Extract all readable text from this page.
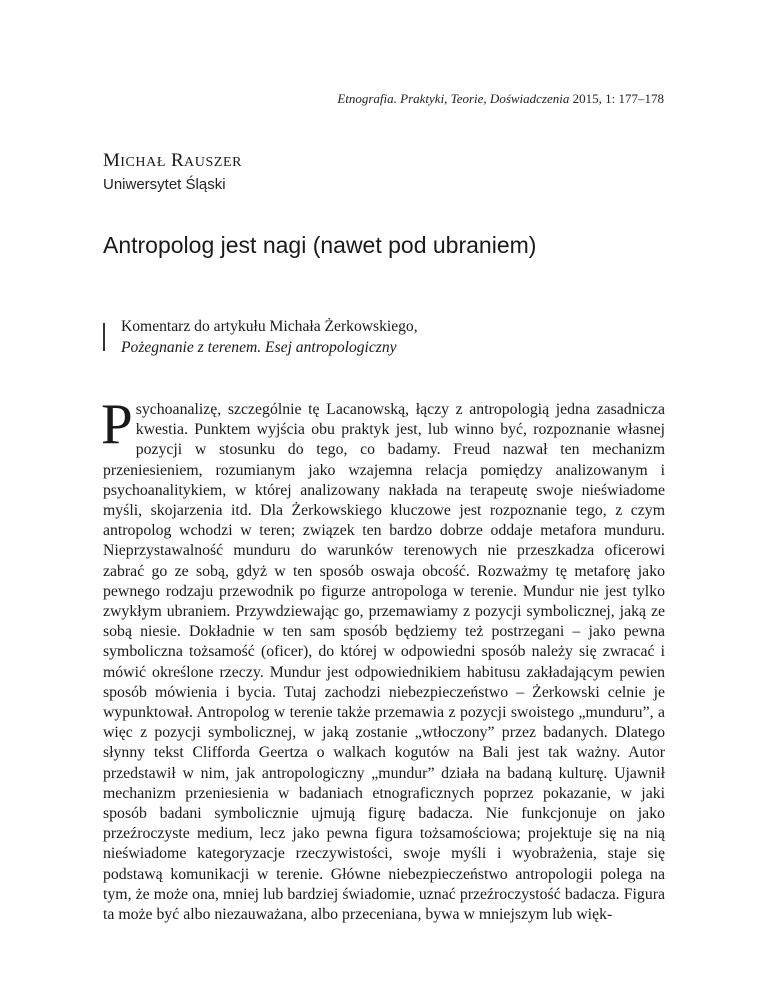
Etnografia. Praktyki, Teorie, Doświadczenia 2015, 1: 177–178
MICHAŁ RAUSZER
Uniwersytet Śląski
Antropolog jest nagi (nawet pod ubraniem)
Komentarz do artykułu Michała Żerkowskiego,
Pożegnanie z terenem. Esej antropologiczny

Psychoanalizę, szczególnie tę Lacanowską, łączy z antropologią jedna zasadnicza kwestia. Punktem wyjścia obu praktyk jest, lub winno być, rozpoznanie własnej pozycji w stosunku do tego, co badamy. Freud nazwał ten mechanizm przeniesieniem, rozumianym jako wzajemna relacja pomiędzy analizowanym i psychoanalitykiem, w której analizowany nakłada na terapeutę swoje nieświadome myśli, skojarzenia itd. Dla Żerkowskiego kluczowe jest rozpoznanie tego, z czym antropolog wchodzi w teren; związek ten bardzo dobrze oddaje metafora munduru. Nieprzystawalność munduru do warunków terenowych nie przeszkadza oficerowi zabrać go ze sobą, gdyż w ten sposób oswaja obcość. Rozważmy tę metaforę jako pewnego rodzaju przewodnik po figurze antropologa w terenie. Mundur nie jest tylko zwykłym ubraniem. Przywdziewając go, przemawiamy z pozycji symbolicznej, jaką ze sobą niesie. Dokładnie w ten sam sposób będziemy też postrzegani – jako pewna symboliczna tożsamość (oficer), do której w odpowiedni sposób należy się zwracać i mówić określone rzeczy. Mundur jest odpowiednikiem habitusu zakładającym pewien sposób mówienia i bycia. Tutaj zachodzi niebezpieczeństwo – Żerkowski celnie je wypunktował. Antropolog w terenie także przemawia z pozycji swoistego „munduru”, a więc z pozycji symbolicznej, w jaką zostanie „wtłoczony” przez badanych. Dlatego słynny tekst Clifforda Geertza o walkach kogutów na Bali jest tak ważny. Autor przedstawił w nim, jak antropologiczny „mundur” działa na badaną kulturę. Ujawnił mechanizm przeniesienia w badaniach etnograficznych poprzez pokazanie, w jaki sposób badani symbolicznie ujmują figurę badacza. Nie funkcjonuje on jako przeźroczyste medium, lecz jako pewna figura tożsamościowa; projektuje się na nią nieświadome kategoryzacje rzeczywistości, swoje myśli i wyobrażenia, staje się podstawą komunikacji w terenie. Główne niebezpieczeństwo antropologii polega na tym, że może ona, mniej lub bardziej świadomie, uznać przeźroczystość badacza. Figura ta może być albo niezauważana, albo przeceniana, bywa w mniejszym lub więk-
